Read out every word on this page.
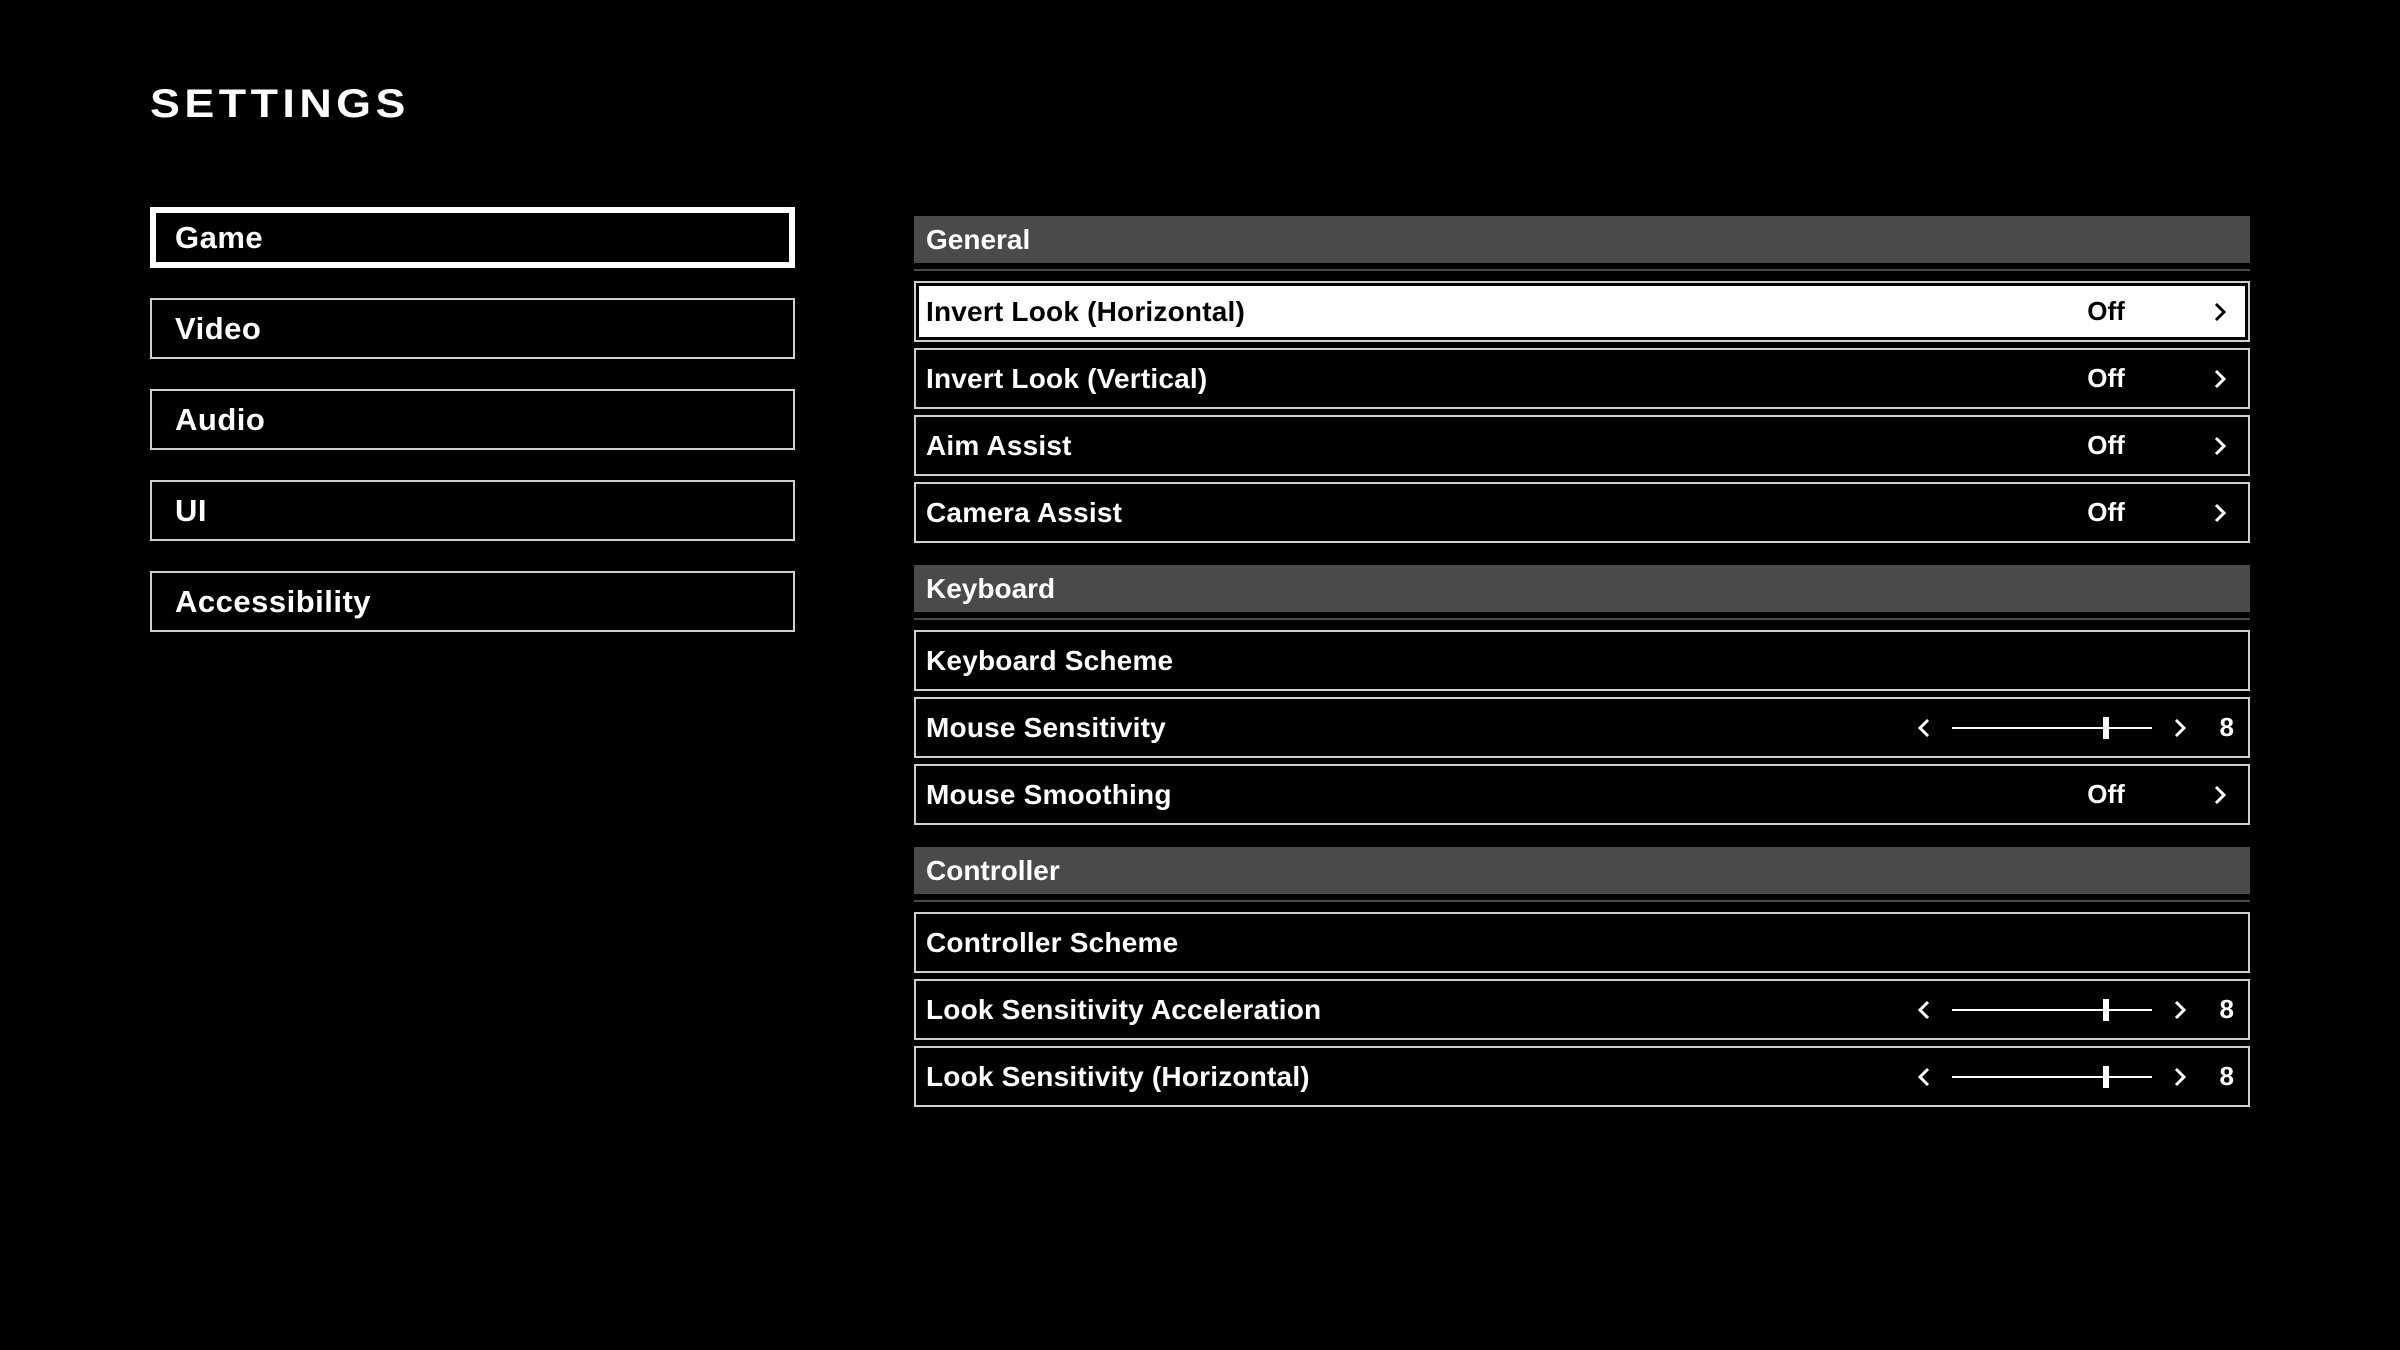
SETTINGS
Game
Video
Audio
UI
Accessibility
General
Invert Look (Horizontal)	Off
Invert Look (Vertical)	Off
Aim Assist	Off
Camera Assist	Off
Keyboard
Keyboard Scheme
Mouse Sensitivity	8
Mouse Smoothing	Off
Controller
Controller Scheme
Look Sensitivity Acceleration	8
Look Sensitivity (Horizontal)	8
